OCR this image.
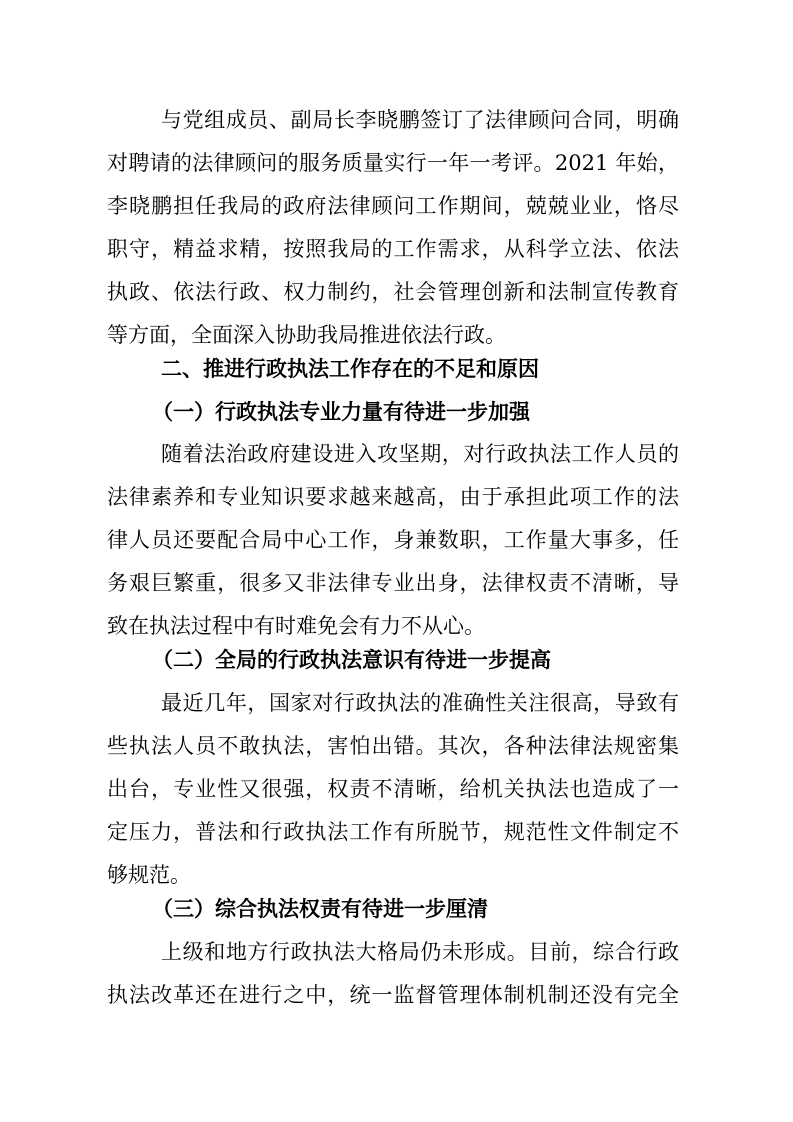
与党组成员、副局长李晓鹏签订了法律顾问合同，明确
对聘请的法律顾问的服务质量实行一年一考评。2021 年始，
李晓鹏担任我局的政府法律顾问工作期间，兢兢业业，恪尽
职守，精益求精，按照我局的工作需求，从科学立法、依法
执政、依法行政、权力制约，社会管理创新和法制宣传教育
等方面，全面深入协助我局推进依法行政。
二、推进行政执法工作存在的不足和原因
（一）行政执法专业力量有待进一步加强
随着法治政府建设进入攻坚期，对行政执法工作人员的
法律素养和专业知识要求越来越高，由于承担此项工作的法
律人员还要配合局中心工作，身兼数职，工作量大事多，任
务艰巨繁重，很多又非法律专业出身，法律权责不清晰，导
致在执法过程中有时难免会有力不从心。
（二）全局的行政执法意识有待进一步提高
最近几年，国家对行政执法的准确性关注很高，导致有
些执法人员不敢执法，害怕出错。其次，各种法律法规密集
出台，专业性又很强，权责不清晰，给机关执法也造成了一
定压力，普法和行政执法工作有所脱节，规范性文件制定不
够规范。
（三）综合执法权责有待进一步厘清
上级和地方行政执法大格局仍未形成。目前，综合行政
执法改革还在进行之中，统一监督管理体制机制还没有完全
